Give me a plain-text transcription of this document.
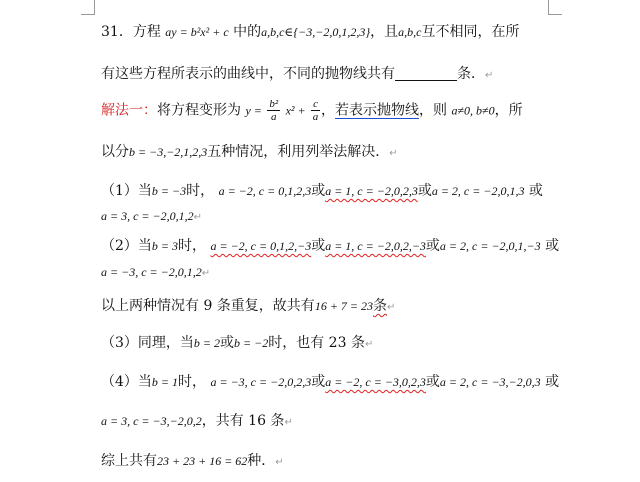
31．方程 ay = b²x² + c 中的a,b,c∈{−3,−2,0,1,2,3}，且a,b,c互不相同，在所
有这些方程所表示的曲线中，不同的抛物线共有	条．↵
解法一：将方程变形为 $y = \frac{\text{b²}}{a} x^2 + \frac{c}{a}$ ，若表示抛物线，则 a≠0, b≠0，所
以分b = −3,−2,1,2,3五种情况，利用列举法解决．↵
（1）当b = −3时， a = −2, c = 0,1,2,3或a = 1, c = −2,0,2,3或a = 2, c = −2,0,1,3 或
a = 3, c = −2,0,1,2↵
（2）当b = 3时， a = −2, c = 0,1,2,−3或a = 1, c = −2,0,2,−3或a = 2, c = −2,0,1,−3 或
a = −3, c = −2,0,1,2↵
以上两种情况有 9 条重复，故共有16 + 7 = 23条↵
（3）同理，当b = 2或b = −2时，也有 23 条↵
（4）当b = 1时， a = −3, c = −2,0,2,3或a = −2, c = −3,0,2,3或a = 2, c = −3,−2,0,3 或
a = 3, c = −3,−2,0,2，共有 16 条↵
综上共有23 + 23 + 16 = 62种．↵
